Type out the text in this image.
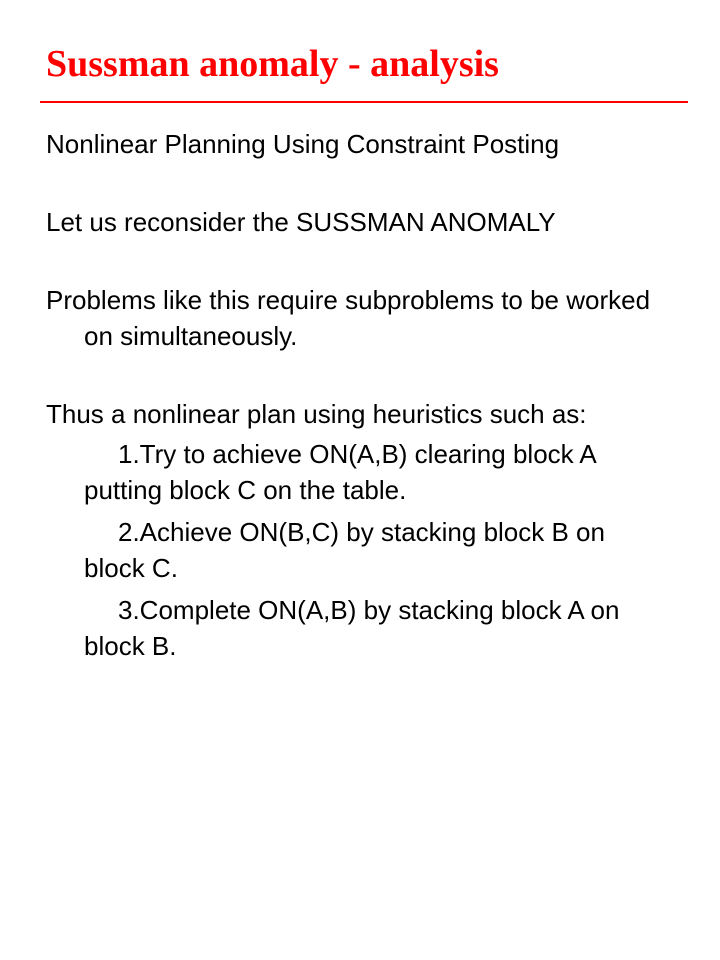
Sussman anomaly - analysis

Nonlinear Planning Using Constraint Posting

Let us reconsider the SUSSMAN ANOMALY

Problems like this require subproblems to be worked on simultaneously.

Thus a nonlinear plan using heuristics such as:

1.Try to achieve ON(A,B) clearing block A putting block C on the table.

2.Achieve ON(B,C) by stacking block B on block C.

3.Complete ON(A,B) by stacking block A on block B.
